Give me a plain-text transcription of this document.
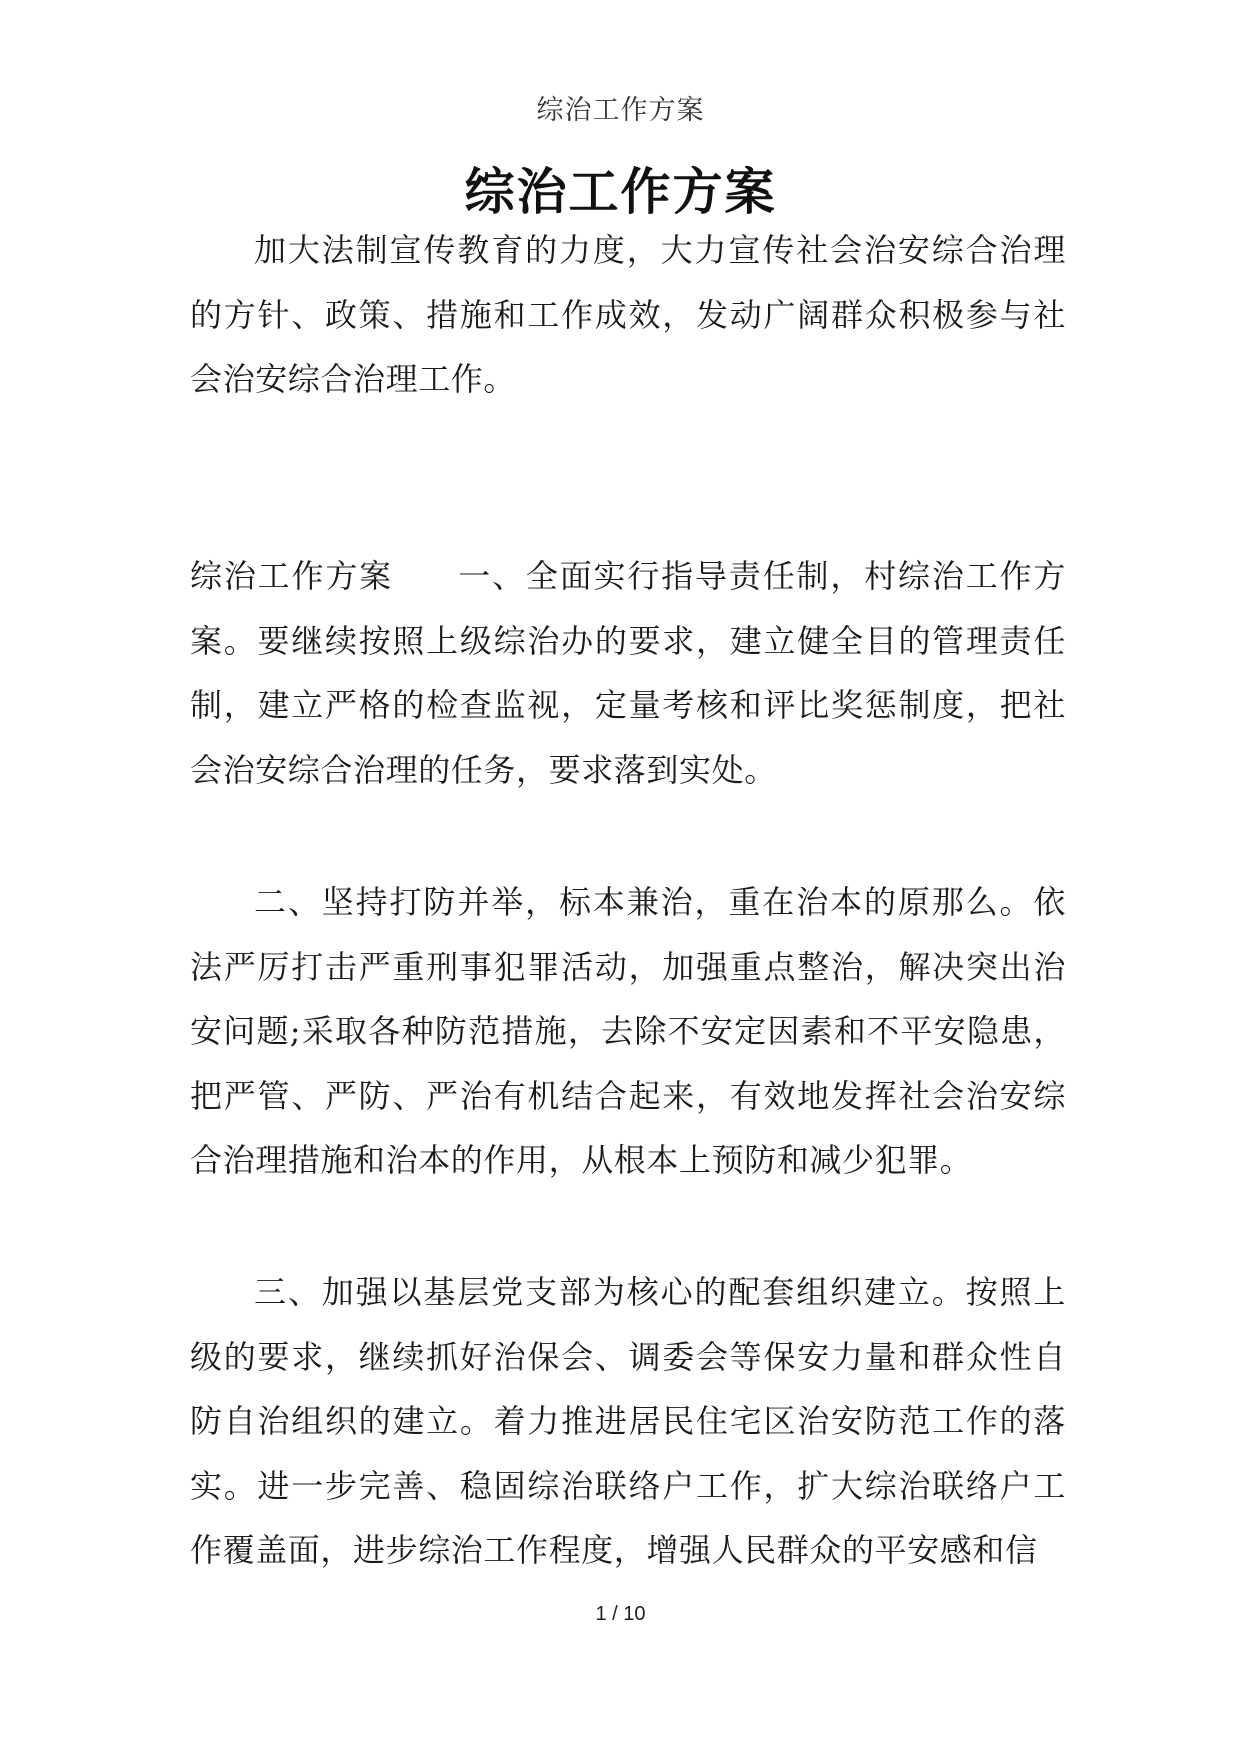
综治工作方案
综治工作方案

加大法制宣传教育的力度，大力宣传社会治安综合治理的方针、政策、措施和工作成效，发动广阔群众积极参与社会治安综合治理工作。

综治工作方案 一、全面实行指导责任制，村综治工作方案。要继续按照上级综治办的要求，建立健全目的管理责任制，建立严格的检查监视，定量考核和评比奖惩制度，把社会治安综合治理的任务，要求落到实处。

二、坚持打防并举，标本兼治，重在治本的原那么。依法严厉打击严重刑事犯罪活动，加强重点整治，解决突出治安问题;采取各种防范措施，去除不安定因素和不平安隐患，把严管、严防、严治有机结合起来，有效地发挥社会治安综合治理措施和治本的作用，从根本上预防和减少犯罪。

三、加强以基层党支部为核心的配套组织建立。按照上级的要求，继续抓好治保会、调委会等保安力量和群众性自防自治组织的建立。着力推进居民住宅区治安防范工作的落实。进一步完善、稳固综治联络户工作，扩大综治联络户工作覆盖面，进步综治工作程度，增强人民群众的平安感和信

1 / 10
